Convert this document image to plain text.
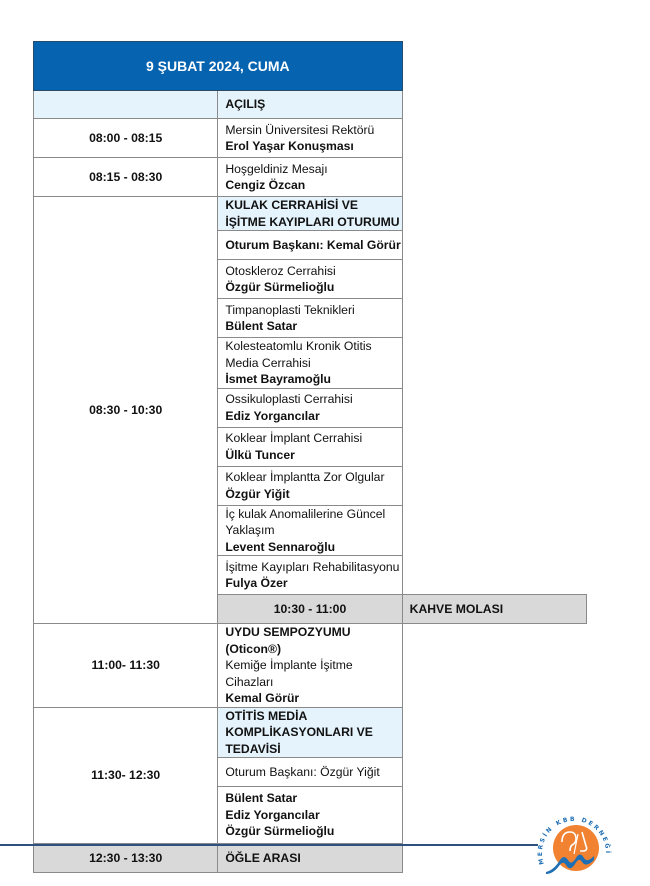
9 ŞUBAT 2024, CUMA		
	AÇILIŞ	
08:00 - 08:15	Mersin Üniversitesi Rektörü
Erol Yaşar Konuşması	

08:15 - 08:30	Hoşgeldiniz Mesajı
Cengiz Özcan	

08:30 - 10:30	KULAK CERRAHİSİ VE İŞİTME KAYIPLARI OTURUMU	
	Oturum Başkanı: Kemal Görür	

	Otoskleroz Cerrahisi
Özgür Sürmelioğlu	

	Timpanoplasti Teknikleri
Bülent Satar	

	Kolesteatomlu Kronik Otitis Media Cerrahisi
İsmet Bayramoğlu	

	Ossikuloplasti Cerrahisi
Ediz Yorgancılar	

	Koklear İmplant Cerrahisi
Ülkü Tuncer	

	Koklear İmplantta Zor Olgular
Özgür Yiğit	

	İç kulak Anomalilerine Güncel Yaklaşım
Levent Sennaroğlu	

	İşitme Kayıpları Rehabilitasyonu
Fulya Özer	

	10:30 - 11:00	KAHVE MOLASI
11:00- 11:30	UYDU SEMPOZYUMU (Oticon®)
Kemiğe İmplante İşitme Cihazları
Kemal Görür	

11:30- 12:30	OTİTİS MEDİA KOMPLİKASYONLARI VE TEDAVİSİ	
	Oturum Başkanı: Özgür Yiğit	

	Bülent Satar
Ediz Yorgancılar
Özgür Sürmelioğlu	

12:30 - 13:30	ÖĞLE ARASI		MERSİN KBB DERNEĞİ
